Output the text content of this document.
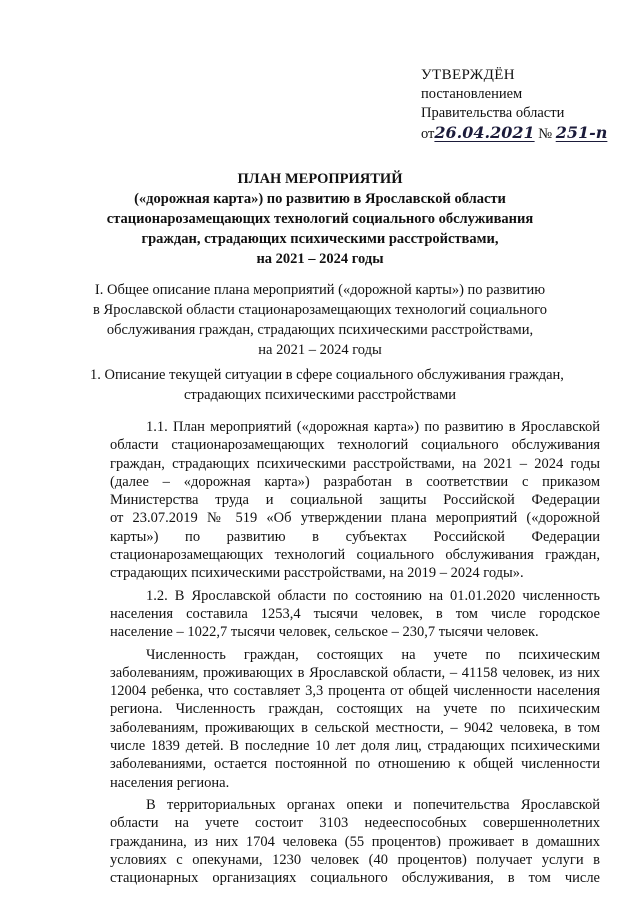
УТВЕРЖДЁН
постановлением
Правительства области
от26.04.2021 № 251-п
ПЛАН МЕРОПРИЯТИЙ
(«дорожная карта») по развитию в Ярославской области
стационарозамещающих технологий социального обслуживания
граждан, страдающих психическими расстройствами,
на 2021 – 2024 годы
I. Общее описание плана мероприятий («дорожной карты») по развитию
в Ярославской области стационарозамещающих технологий социального
обслуживания граждан, страдающих психическими расстройствами,
на 2021 – 2024 годы
1. Описание текущей ситуации в сфере социального обслуживания граждан,
страдающих психическими расстройствами
1.1. План мероприятий («дорожная карта») по развитию в Ярославской
области стационарозамещающих технологий социального обслуживания
граждан, страдающих психическими расстройствами, на 2021 – 2024 годы
(далее – «дорожная карта») разработан в соответствии с приказом
Министерства труда и социальной защиты Российской Федерации
от 23.07.2019 № 519 «Об утверждении плана мероприятий («дорожной
карты») по развитию в субъектах Российской Федерации
стационарозамещающих технологий социального обслуживания граждан,
страдающих психическими расстройствами, на 2019 – 2024 годы».
1.2. В Ярославской области по состоянию на 01.01.2020 численность
населения составила 1253,4 тысячи человек, в том числе городское
население – 1022,7 тысячи человек, сельское – 230,7 тысячи человек.
Численность граждан, состоящих на учете по психическим
заболеваниям, проживающих в Ярославской области, – 41158 человек, из них
12004 ребенка, что составляет 3,3 процента от общей численности населения
региона. Численность граждан, состоящих на учете по психическим
заболеваниям, проживающих в сельской местности, – 9042 человека, в том
числе 1839 детей. В последние 10 лет доля лиц, страдающих психическими
заболеваниями, остается постоянной по отношению к общей численности
населения региона.
В территориальных органах опеки и попечительства Ярославской
области на учете состоит 3103 недееспособных совершеннолетних
гражданина, из них 1704 человека (55 процентов) проживает в домашних
условиях с опекунами, 1230 человек (40 процентов) получает услуги в
стационарных организациях социального обслуживания, в том числе
